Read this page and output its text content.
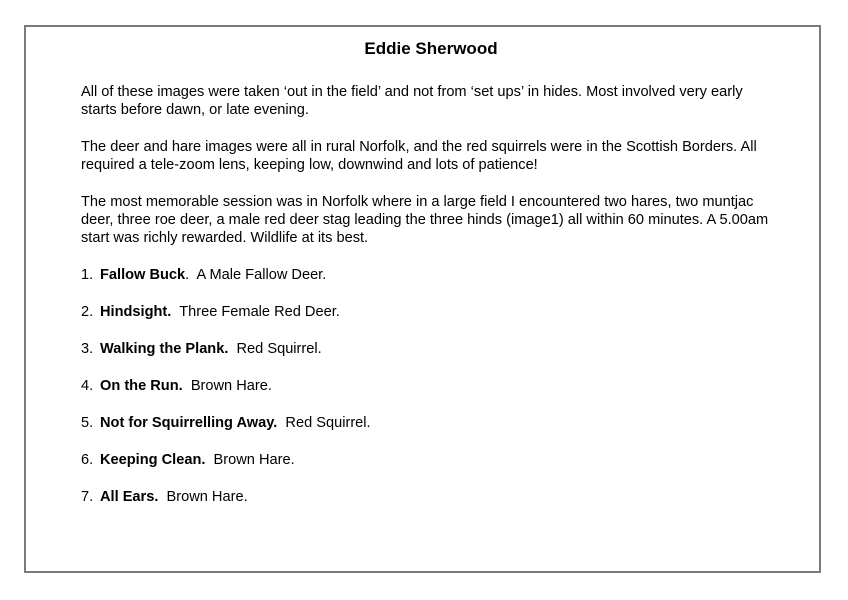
Eddie Sherwood

All of these images were taken ‘out in the field’ and not from ‘set ups’ in hides. Most involved very early starts before dawn, or late evening.

The deer and hare images were all in rural Norfolk, and the red squirrels were in the Scottish Borders. All required a tele-zoom lens, keeping low, downwind and lots of patience!

The most memorable session was in Norfolk where in a large field I encountered two hares, two muntjac deer, three roe deer, a male red deer stag leading the three hinds (image1) all within 60 minutes. A 5.00am start was richly rewarded. Wildlife at its best.

1. Fallow Buck.  A Male Fallow Deer.
2. Hindsight. Three Female Red Deer.
3. Walking the Plank. Red Squirrel.
4. On the Run. Brown Hare.
5. Not for Squirrelling Away. Red Squirrel.
6. Keeping Clean. Brown Hare.
7. All Ears. Brown Hare.
